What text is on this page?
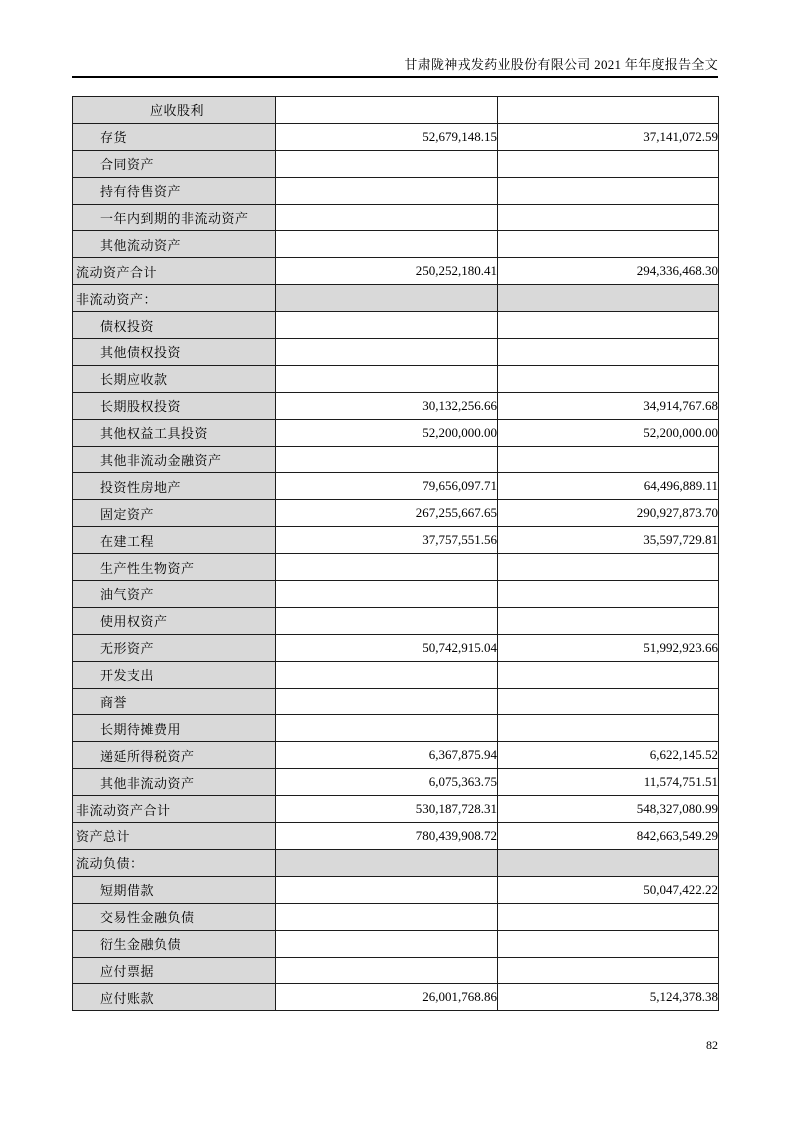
甘肃陇神戎发药业股份有限公司 2021 年年度报告全文
应收股利		
存货	52,679,148.15	37,141,072.59
合同资产		
持有待售资产		
一年内到期的非流动资产		
其他流动资产		
流动资产合计	250,252,180.41	294,336,468.30
非流动资产：		
债权投资		
其他债权投资		
长期应收款		
长期股权投资	30,132,256.66	34,914,767.68
其他权益工具投资	52,200,000.00	52,200,000.00
其他非流动金融资产		
投资性房地产	79,656,097.71	64,496,889.11
固定资产	267,255,667.65	290,927,873.70
在建工程	37,757,551.56	35,597,729.81
生产性生物资产		
油气资产		
使用权资产		
无形资产	50,742,915.04	51,992,923.66
开发支出		
商誉		
长期待摊费用		
递延所得税资产	6,367,875.94	6,622,145.52
其他非流动资产	6,075,363.75	11,574,751.51
非流动资产合计	530,187,728.31	548,327,080.99
资产总计	780,439,908.72	842,663,549.29
流动负债：		
短期借款		50,047,422.22
交易性金融负债		
衍生金融负债		
应付票据		
应付账款	26,001,768.86	5,124,378.38
82
